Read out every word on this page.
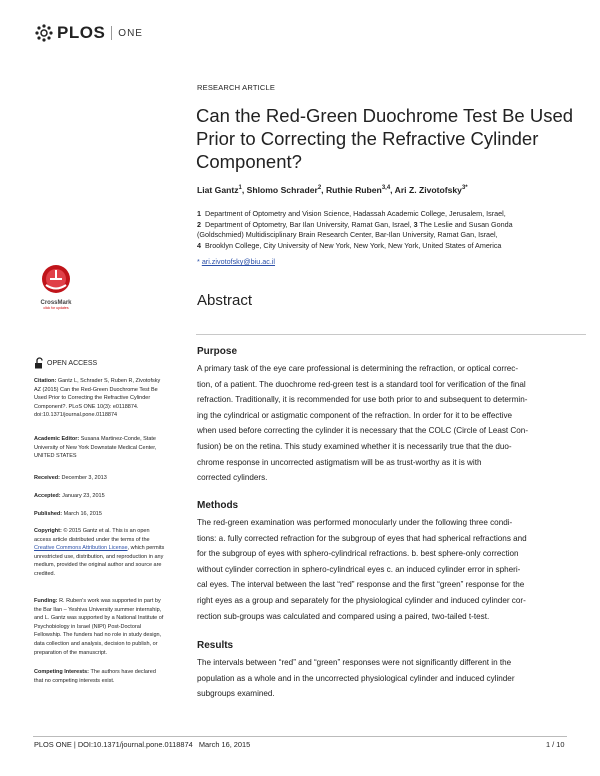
PLOS ONE
RESEARCH ARTICLE
Can the Red-Green Duochrome Test Be Used
Prior to Correcting the Refractive Cylinder
Component?
Liat Gantz$^1$, Shlomo Schrader$^2$, Ruthie Ruben$^{3,4}$, Ari Z. Zivotofsky$^{3*}$
1 Department of Optometry and Vision Science, Hadassah Academic College, Jerusalem, Israel,
2 Department of Optometry, Bar Ilan University, Ramat Gan, Israel, 3 The Leslie and Susan Gonda
(Goldschmied) Multidisciplinary Brain Research Center, Bar-Ilan University, Ramat Gan, Israel,
4 Brooklyn College, City University of New York, New York, New York, United States of America
* ari.zivotofsky@biu.ac.il
Abstract
Purpose
A primary task of the eye care professional is determining the refraction, or optical correc-
tion, of a patient. The duochrome red-green test is a standard tool for verification of the final
refraction. Traditionally, it is recommended for use both prior to and subsequent to determin-
ing the cylindrical or astigmatic component of the refraction. In order for it to be effective
when used before correcting the cylinder it is necessary that the COLC (Circle of Least Con-
fusion) be on the retina. This study examined whether it is necessarily true that the duo-
chrome response in uncorrected astigmatism will be as trust-worthy as it is with
corrected cylinders.
Methods
The red-green examination was performed monocularly under the following three condi-
tions: a. fully corrected refraction for the subgroup of eyes that had spherical refractions and
for the subgroup of eyes with sphero-cylindrical refractions. b. best sphere-only correction
without cylinder correction in sphero-cylindrical eyes c. an induced cylinder error in spheri-
cal eyes. The interval between the last “red” response and the first “green” response for the
right eyes as a group and separately for the physiological cylinder and induced cylinder cor-
rection sub-groups was calculated and compared using a paired, two-tailed t-test.
Results
The intervals between “red” and “green” responses were not significantly different in the
population as a whole and in the uncorrected physiological cylinder and induced cylinder
subgroups examined.
CrossMark
click for updates
OPEN ACCESS
Citation: Gantz L, Schrader S, Ruben R, Zivotofsky
AZ (2015) Can the Red-Green Duochrome Test Be
Used Prior to Correcting the Refractive Cylinder
Component?. PLoS ONE 10(3): e0118874.
doi:10.1371/journal.pone.0118874
Academic Editor: Susana Martinez-Conde, State
University of New York Downstate Medical Center,
UNITED STATES
Received: December 3, 2013
Accepted: January 23, 2015
Published: March 16, 2015
Copyright: © 2015 Gantz et al. This is an open
access article distributed under the terms of the
Creative Commons Attribution License, which permits
unrestricted use, distribution, and reproduction in any
medium, provided the original author and source are
credited.
Funding: R. Ruben's work was supported in part by
the Bar Ilan – Yeshiva University summer internship,
and L. Gantz was supported by a National Institute of
Psychobiology in Israel (NIPI) Post-Doctoral
Fellowship. The funders had no role in study design,
data collection and analysis, decision to publish, or
preparation of the manuscript.
Competing Interests: The authors have declared
that no competing interests exist.
PLOS ONE | DOI:10.1371/journal.pone.0118874   March 16, 2015	1 / 10
